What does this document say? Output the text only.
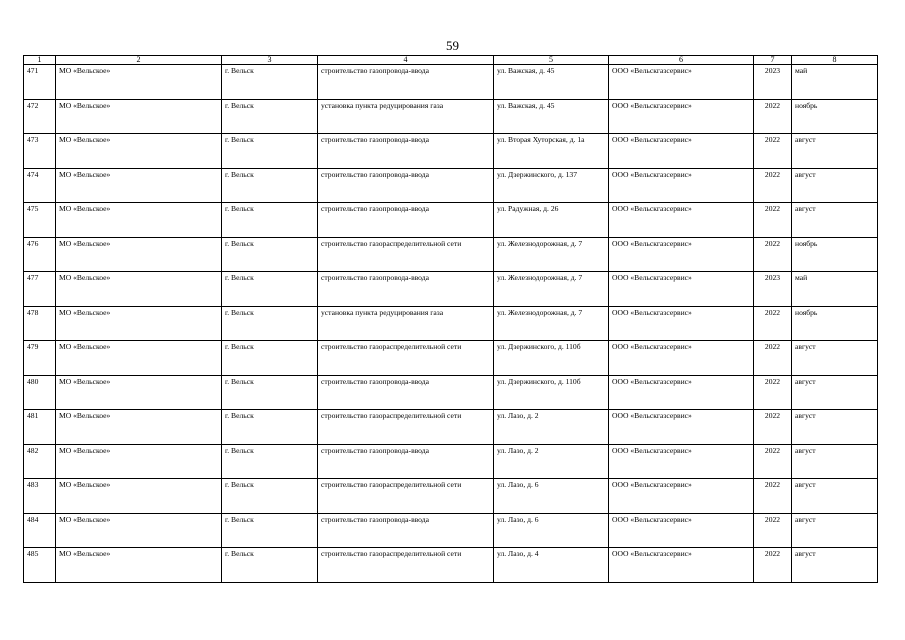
59
1	2	3	4	5	6	7	8
471	МО «Вельское»	г. Вельск	строительство газопровода-ввода	ул. Важская, д. 45	ООО «Вельскгазсервис»	2023	май
472	МО «Вельское»	г. Вельск	установка пункта редуцирования газа	ул. Важская, д. 45	ООО «Вельскгазсервис»	2022	ноябрь
473	МО «Вельское»	г. Вельск	строительство газопровода-ввода	ул. Вторая Хуторская, д. 1а	ООО «Вельскгазсервис»	2022	август
474	МО «Вельское»	г. Вельск	строительство газопровода-ввода	ул. Дзержинского, д. 137	ООО «Вельскгазсервис»	2022	август
475	МО «Вельское»	г. Вельск	строительство газопровода-ввода	ул. Радужная, д. 26	ООО «Вельскгазсервис»	2022	август
476	МО «Вельское»	г. Вельск	строительство газораспределительной сети	ул. Железнодорожная, д. 7	ООО «Вельскгазсервис»	2022	ноябрь
477	МО «Вельское»	г. Вельск	строительство газопровода-ввода	ул. Железнодорожная, д. 7	ООО «Вельскгазсервис»	2023	май
478	МО «Вельское»	г. Вельск	установка пункта редуцирования газа	ул. Железнодорожная, д. 7	ООО «Вельскгазсервис»	2022	ноябрь
479	МО «Вельское»	г. Вельск	строительство газораспределительной сети	ул. Дзержинского, д. 110б	ООО «Вельскгазсервис»	2022	август
480	МО «Вельское»	г. Вельск	строительство газопровода-ввода	ул. Дзержинского, д. 110б	ООО «Вельскгазсервис»	2022	август
481	МО «Вельское»	г. Вельск	строительство газораспределительной сети	ул. Лазо, д. 2	ООО «Вельскгазсервис»	2022	август
482	МО «Вельское»	г. Вельск	строительство газопровода-ввода	ул. Лазо, д. 2	ООО «Вельскгазсервис»	2022	август
483	МО «Вельское»	г. Вельск	строительство газораспределительной сети	ул. Лазо, д. 6	ООО «Вельскгазсервис»	2022	август
484	МО «Вельское»	г. Вельск	строительство газопровода-ввода	ул. Лазо, д. 6	ООО «Вельскгазсервис»	2022	август
485	МО «Вельское»	г. Вельск	строительство газораспределительной сети	ул. Лазо, д. 4	ООО «Вельскгазсервис»	2022	август
